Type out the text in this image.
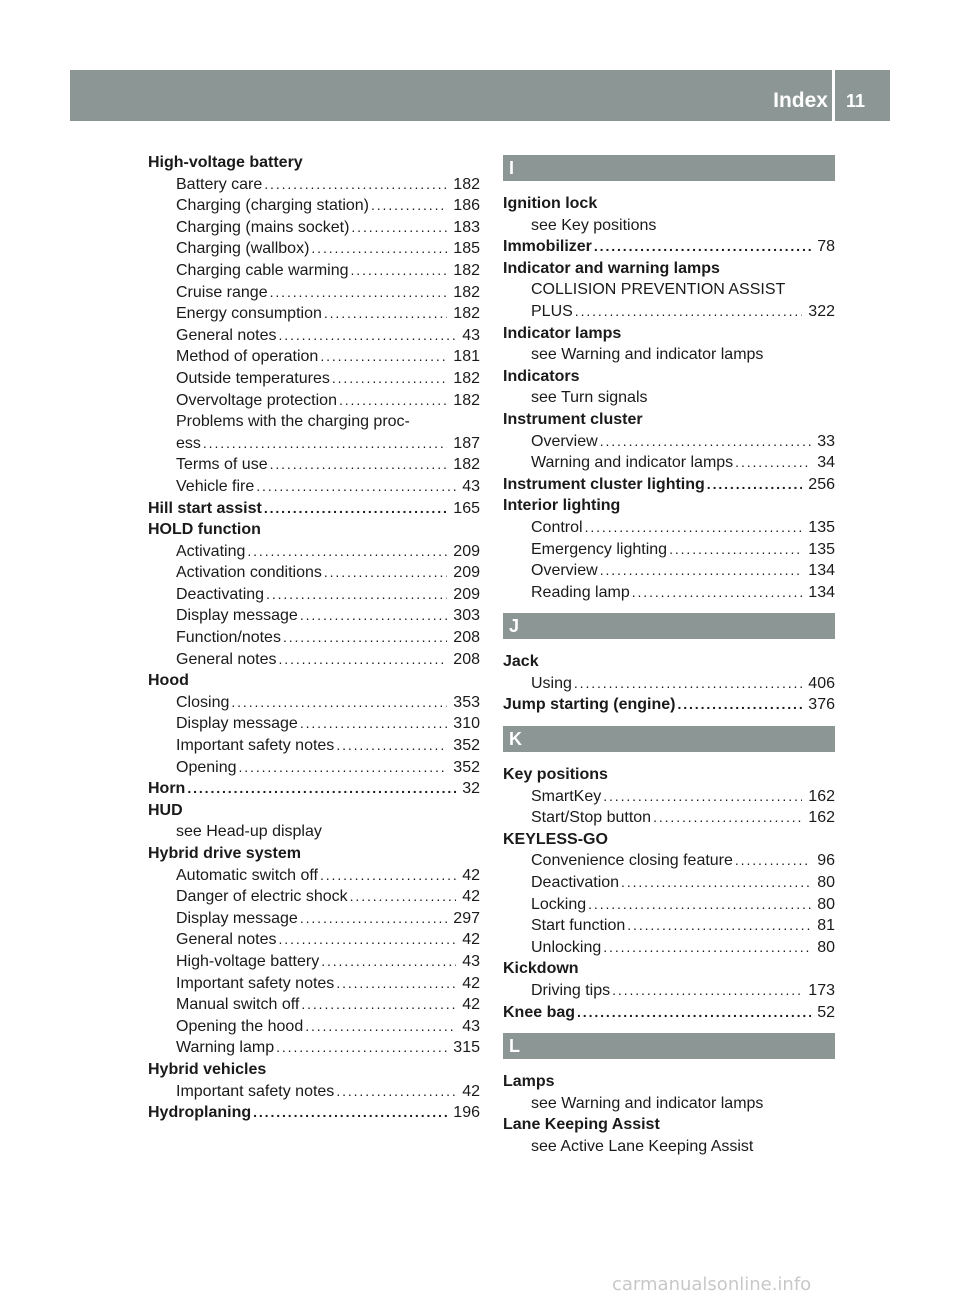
Index 11
High-voltage battery
Battery care . . .	182
Charging (charging station) . . .	186
Charging (mains socket) . . .	183
Charging (wallbox) . . .	185
Charging cable warming . . .	182
Cruise range . . .	182
Energy consumption . . .	182
General notes . . .	43
Method of operation . . .	181
Outside temperatures . . .	182
Overvoltage protection . . .	182
Problems with the charging proc-
ess . . .	187
Terms of use . . .	182
Vehicle fire . . .	43
Hill start assist . . .	165
HOLD function
Activating . . .	209
Activation conditions . . .	209
Deactivating . . .	209
Display message . . .	303
Function/notes . . .	208
General notes . . .	208
Hood
Closing . . .	353
Display message . . .	310
Important safety notes . . .	352
Opening . . .	352
Horn . . .	32
HUD
see Head-up display
Hybrid drive system
Automatic switch off . . .	42
Danger of electric shock . . .	42
Display message . . .	297
General notes . . .	42
High-voltage battery . . .	43
Important safety notes . . .	42
Manual switch off . . .	42
Opening the hood . . .	43
Warning lamp . . .	315
Hybrid vehicles
Important safety notes . . .	42
Hydroplaning . . .	196
I
Ignition lock
see Key positions
Immobilizer . . .	78
Indicator and warning lamps
COLLISION PREVENTION ASSIST
PLUS . . .	322
Indicator lamps
see Warning and indicator lamps
Indicators
see Turn signals
Instrument cluster
Overview . . .	33
Warning and indicator lamps . . .	34
Instrument cluster lighting . . .	256
Interior lighting
Control . . .	135
Emergency lighting . . .	135
Overview . . .	134
Reading lamp . . .	134
J
Jack
Using . . .	406
Jump starting (engine) . . .	376
K
Key positions
SmartKey . . .	162
Start/Stop button . . .	162
KEYLESS-GO
Convenience closing feature . . .	96
Deactivation . . .	80
Locking . . .	80
Start function . . .	81
Unlocking . . .	80
Kickdown
Driving tips . . .	173
Knee bag . . .	52
L
Lamps
see Warning and indicator lamps
Lane Keeping Assist
see Active Lane Keeping Assist
carmanualsonline.info
